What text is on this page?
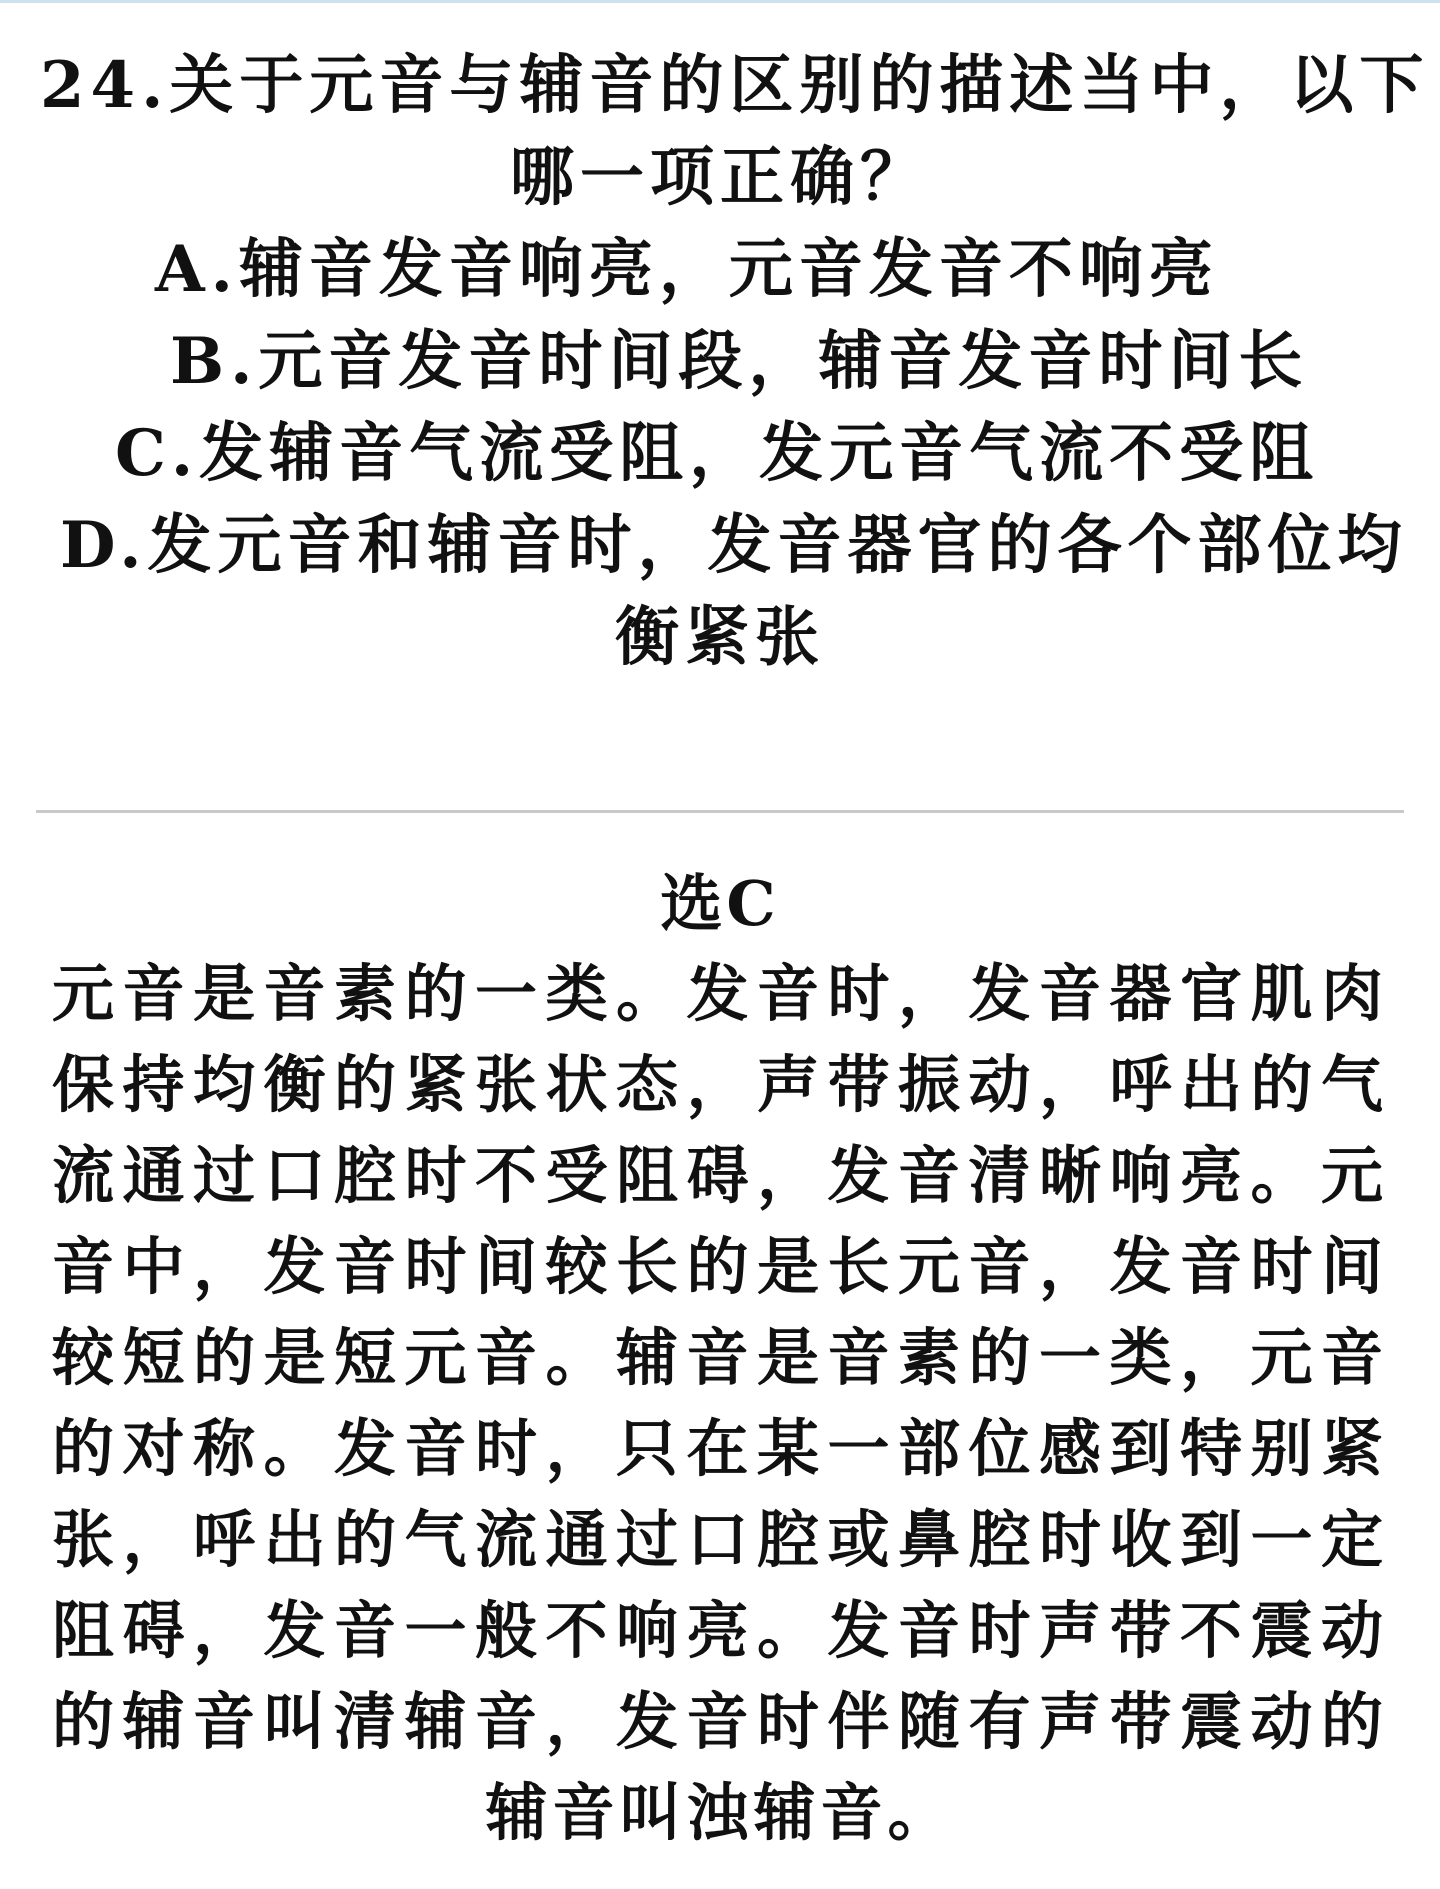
24.关于元音与辅音的区别的描述当中，以下
哪一项正确？
A.辅音发音响亮，元音发音不响亮
B.元音发音时间段，辅音发音时间长
C.发辅音气流受阻，发元音气流不受阻
D.发元音和辅音时，发音器官的各个部位均
衡紧张
选C
元音是音素的一类。发音时，发音器官肌肉
保持均衡的紧张状态，声带振动，呼出的气
流通过口腔时不受阻碍，发音清晰响亮。元
音中，发音时间较长的是长元音，发音时间
较短的是短元音。辅音是音素的一类，元音
的对称。发音时，只在某一部位感到特别紧
张，呼出的气流通过口腔或鼻腔时收到一定
阻碍，发音一般不响亮。发音时声带不震动
的辅音叫清辅音，发音时伴随有声带震动的
辅音叫浊辅音。
